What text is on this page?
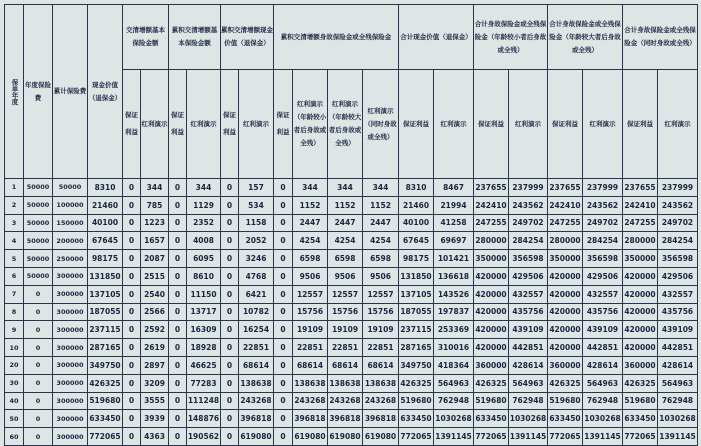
保单年度	年度保险费	累计保险费	现金价值（退保金）	交清增额基本保险金额		累积交清增额基本保险金额		累积交清增额现金价值（退保金）		累积交清增额身故保险金或全残保险金				合计现金价值（退保金）		合计身故保险金或全残保险金（年龄较小者后身故或全残）		合计身故保险金或全残保险金（年龄较大者后身故或全残）		合计身故保险金或全残保险金（同时身故或全残）	
				保证利益	红利演示	保证利益	红利演示	保证利益	红利演示	保证利益	红利演示（年龄较小者后身故或全残）	红利演示（年龄较大者后身故或全残）	红利演示（同时身故或全残）	保证利益	红利演示	保证利益	红利演示	保证利益	红利演示	保证利益	红利演示
1	50000	50000	8310	0	344	0	344	0	157	0	344	344	344	8310	8467	237655	237999	237655	237999	237655	237999
2	50000	100000	21460	0	785	0	1129	0	534	0	1152	1152	1152	21460	21994	242410	243562	242410	243562	242410	243562
3	50000	150000	40100	0	1223	0	2352	0	1158	0	2447	2447	2447	40100	41258	247255	249702	247255	249702	247255	249702
4	50000	200000	67645	0	1657	0	4008	0	2052	0	4254	4254	4254	67645	69697	280000	284254	280000	284254	280000	284254
5	50000	250000	98175	0	2087	0	6095	0	3246	0	6598	6598	6598	98175	101421	350000	356598	350000	356598	350000	356598
6	50000	300000	131850	0	2515	0	8610	0	4768	0	9506	9506	9506	131850	136618	420000	429506	420000	429506	420000	429506
7	0	300000	137105	0	2540	0	11150	0	6421	0	12557	12557	12557	137105	143526	420000	432557	420000	432557	420000	432557
8	0	300000	187055	0	2566	0	13717	0	10782	0	15756	15756	15756	187055	197837	420000	435756	420000	435756	420000	435756
9	0	300000	237115	0	2592	0	16309	0	16254	0	19109	19109	19109	237115	253369	420000	439109	420000	439109	420000	439109
10	0	300000	287165	0	2619	0	18928	0	22851	0	22851	22851	22851	287165	310016	420000	442851	420000	442851	420000	442851
20	0	300000	349750	0	2897	0	46625	0	68614	0	68614	68614	68614	349750	418364	360000	428614	360000	428614	360000	428614
30	0	300000	426325	0	3209	0	77283	0	138638	0	138638	138638	138638	426325	564963	426325	564963	426325	564963	426325	564963
40	0	300000	519680	0	3555	0	111248	0	243268	0	243268	243268	243268	519680	762948	519680	762948	519680	762948	519680	762948
50	0	300000	633450	0	3939	0	148876	0	396818	0	396818	396818	396818	633450	1030268	633450	1030268	633450	1030268	633450	1030268
60	0	300000	772065	0	4363	0	190562	0	619080	0	619080	619080	619080	772065	1391145	772065	1391145	772065	1391145	772065	1391145
